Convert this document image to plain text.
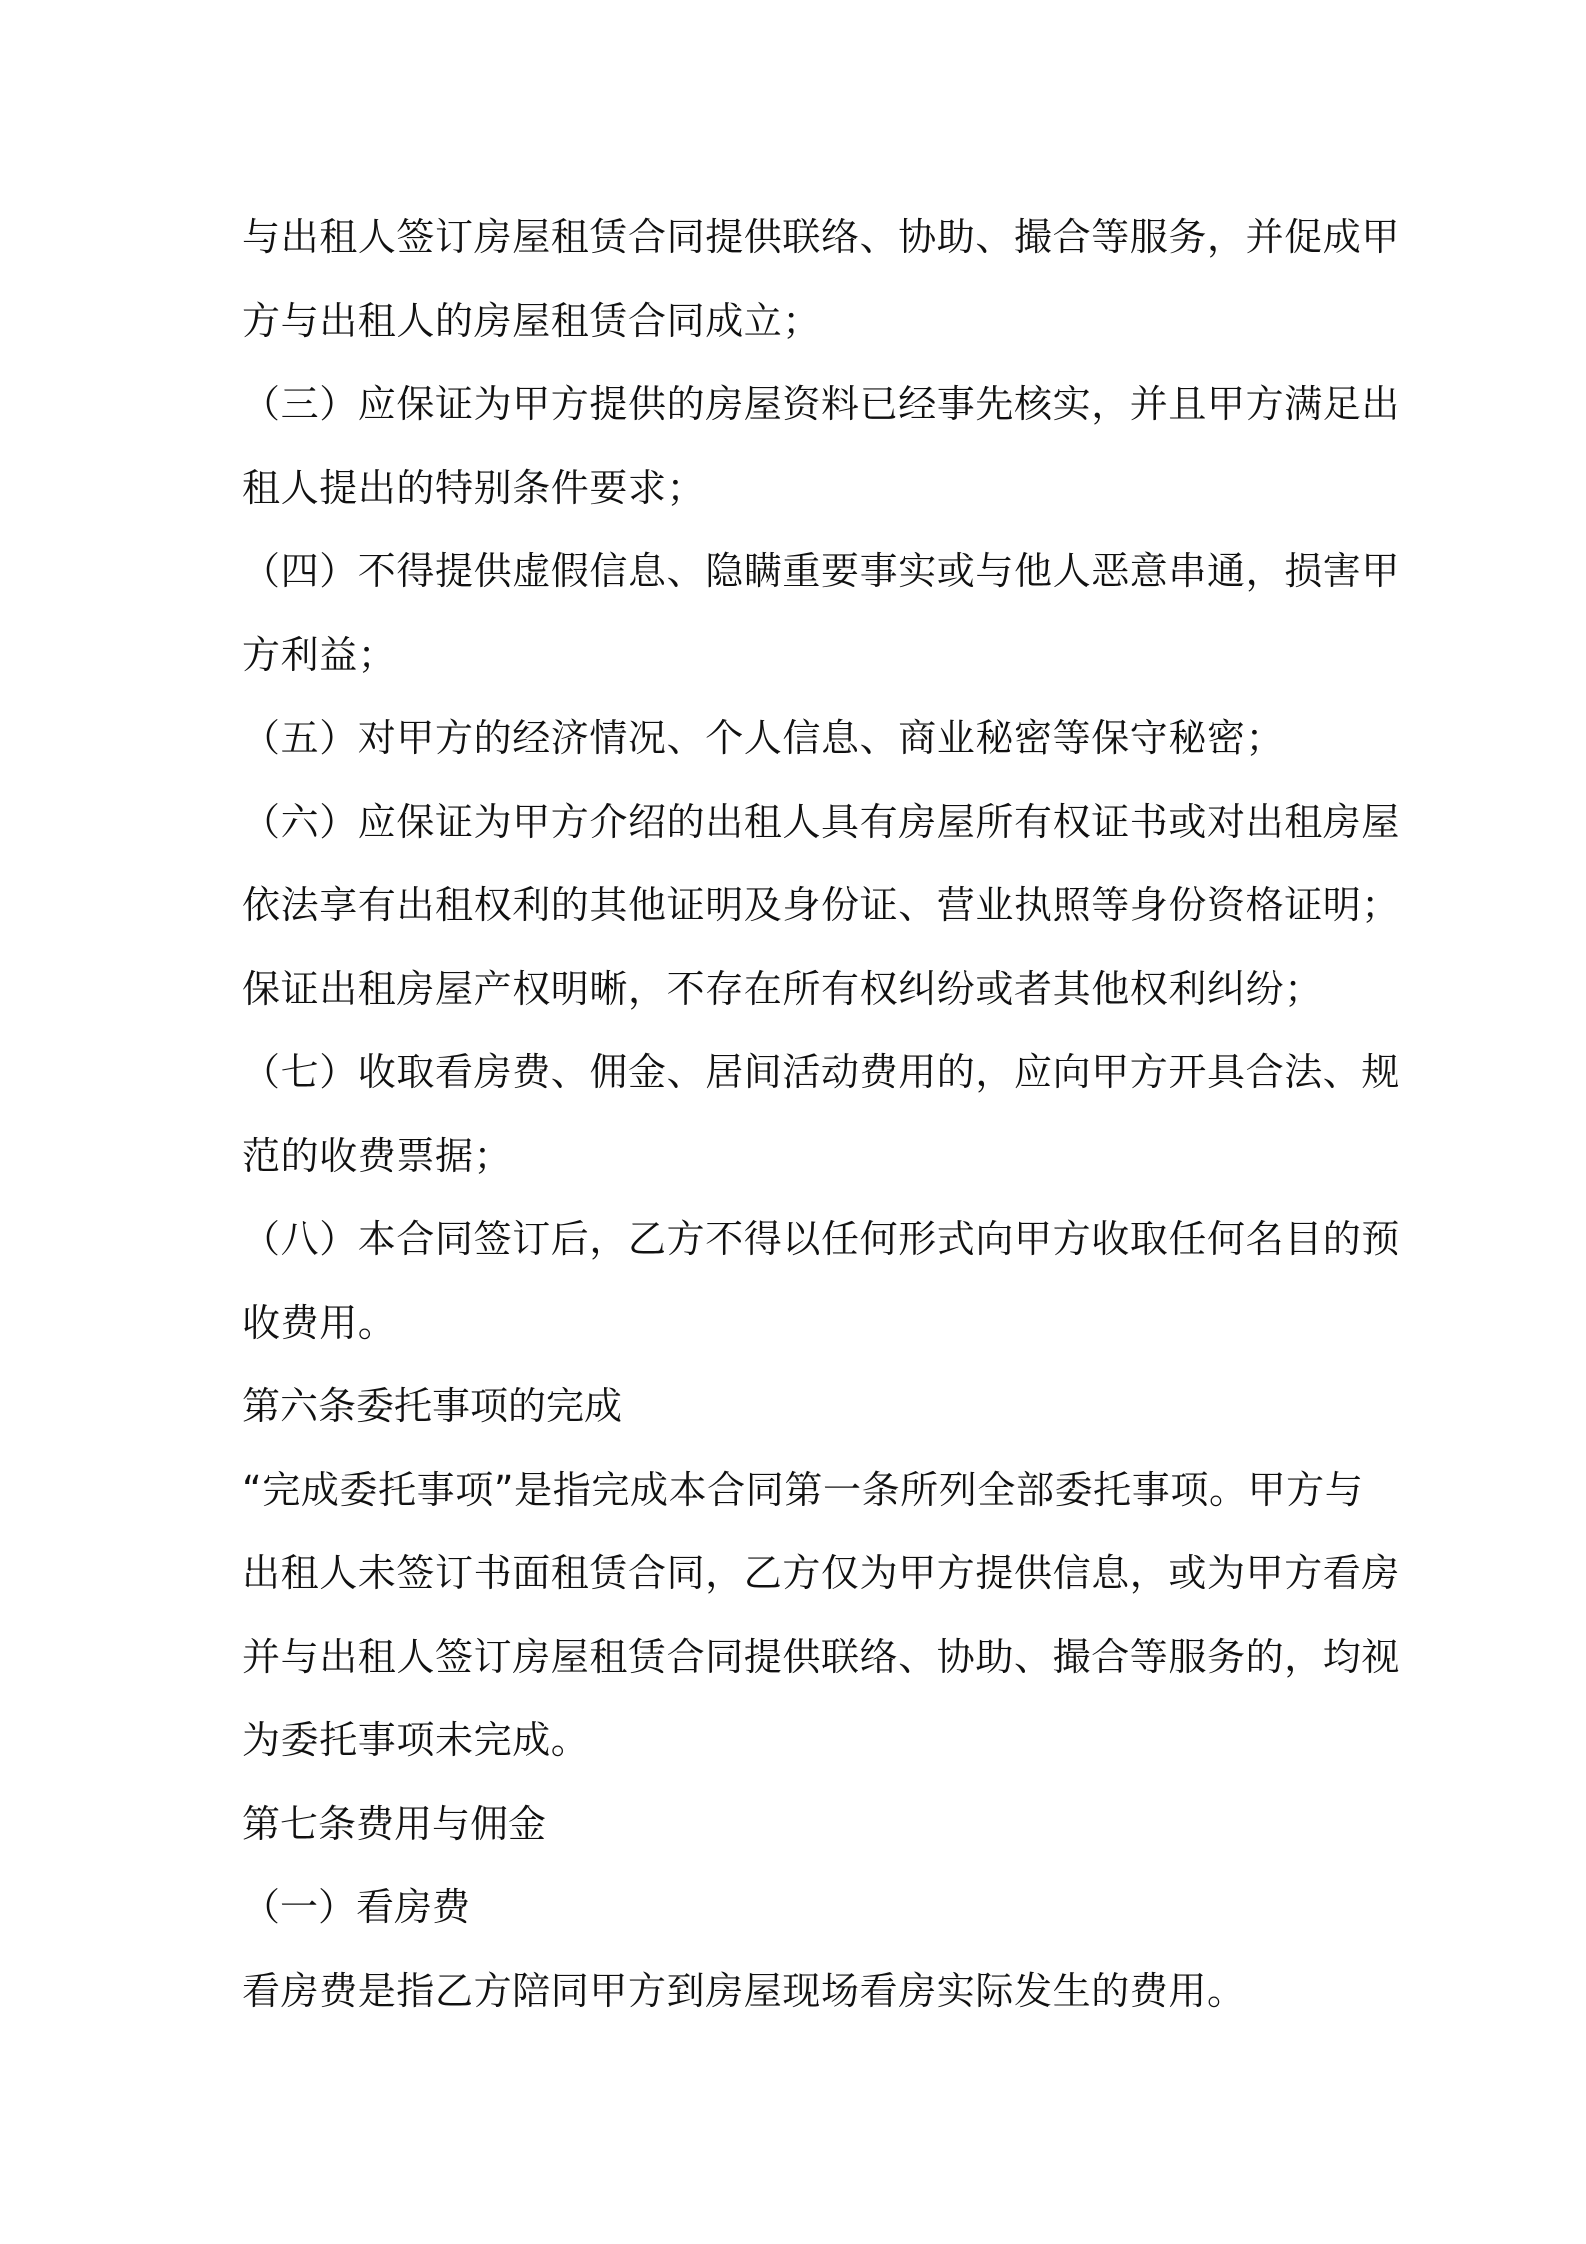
与出租人签订房屋租赁合同提供联络、协助、撮合等服务，并促成甲
方与出租人的房屋租赁合同成立；
（三）应保证为甲方提供的房屋资料已经事先核实，并且甲方满足出
租人提出的特别条件要求；
（四）不得提供虚假信息、隐瞒重要事实或与他人恶意串通，损害甲
方利益；
（五）对甲方的经济情况、个人信息、商业秘密等保守秘密；
（六）应保证为甲方介绍的出租人具有房屋所有权证书或对出租房屋
依法享有出租权利的其他证明及身份证、营业执照等身份资格证明；
保证出租房屋产权明晰，不存在所有权纠纷或者其他权利纠纷；
（七）收取看房费、佣金、居间活动费用的，应向甲方开具合法、规
范的收费票据；
（八）本合同签订后，乙方不得以任何形式向甲方收取任何名目的预
收费用。
第六条委托事项的完成
“完成委托事项”是指完成本合同第一条所列全部委托事项。甲方与
出租人未签订书面租赁合同，乙方仅为甲方提供信息，或为甲方看房
并与出租人签订房屋租赁合同提供联络、协助、撮合等服务的，均视
为委托事项未完成。
第七条费用与佣金
（一）看房费
看房费是指乙方陪同甲方到房屋现场看房实际发生的费用。
